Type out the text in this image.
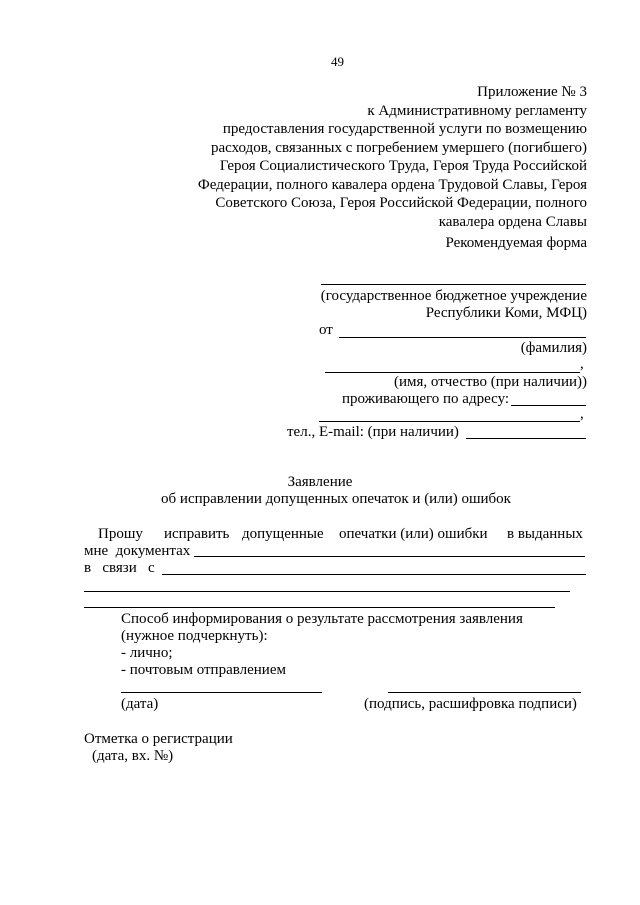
49
Приложение № 3
к Административному регламенту
предоставления государственной услуги по возмещению
расходов, связанных с погребением умершего (погибшего)
Героя Социалистического Труда, Героя Труда Российской
Федерации, полного кавалера ордена Трудовой Славы, Героя
Советского Союза, Героя Российской Федерации, полного
кавалера ордена Славы
Рекомендуемая форма
(государственное бюджетное учреждение
Республики Коми, МФЦ)
от
(фамилия)
,
(имя, отчество (при наличии))
проживающего по адресу:
,
тел., E-mail: (при наличии)
Заявление
об исправлении допущенных опечаток и (или) ошибок
Прошу исправить допущенные опечатки (или) ошибки в выданных
мне  документах
в   связи   с
Способ информирования о результате рассмотрения заявления
(нужное подчеркнуть):
- лично;
- почтовым отправлением
(дата)	(подпись, расшифровка подписи)
Отметка о регистрации
(дата, вх. №)
